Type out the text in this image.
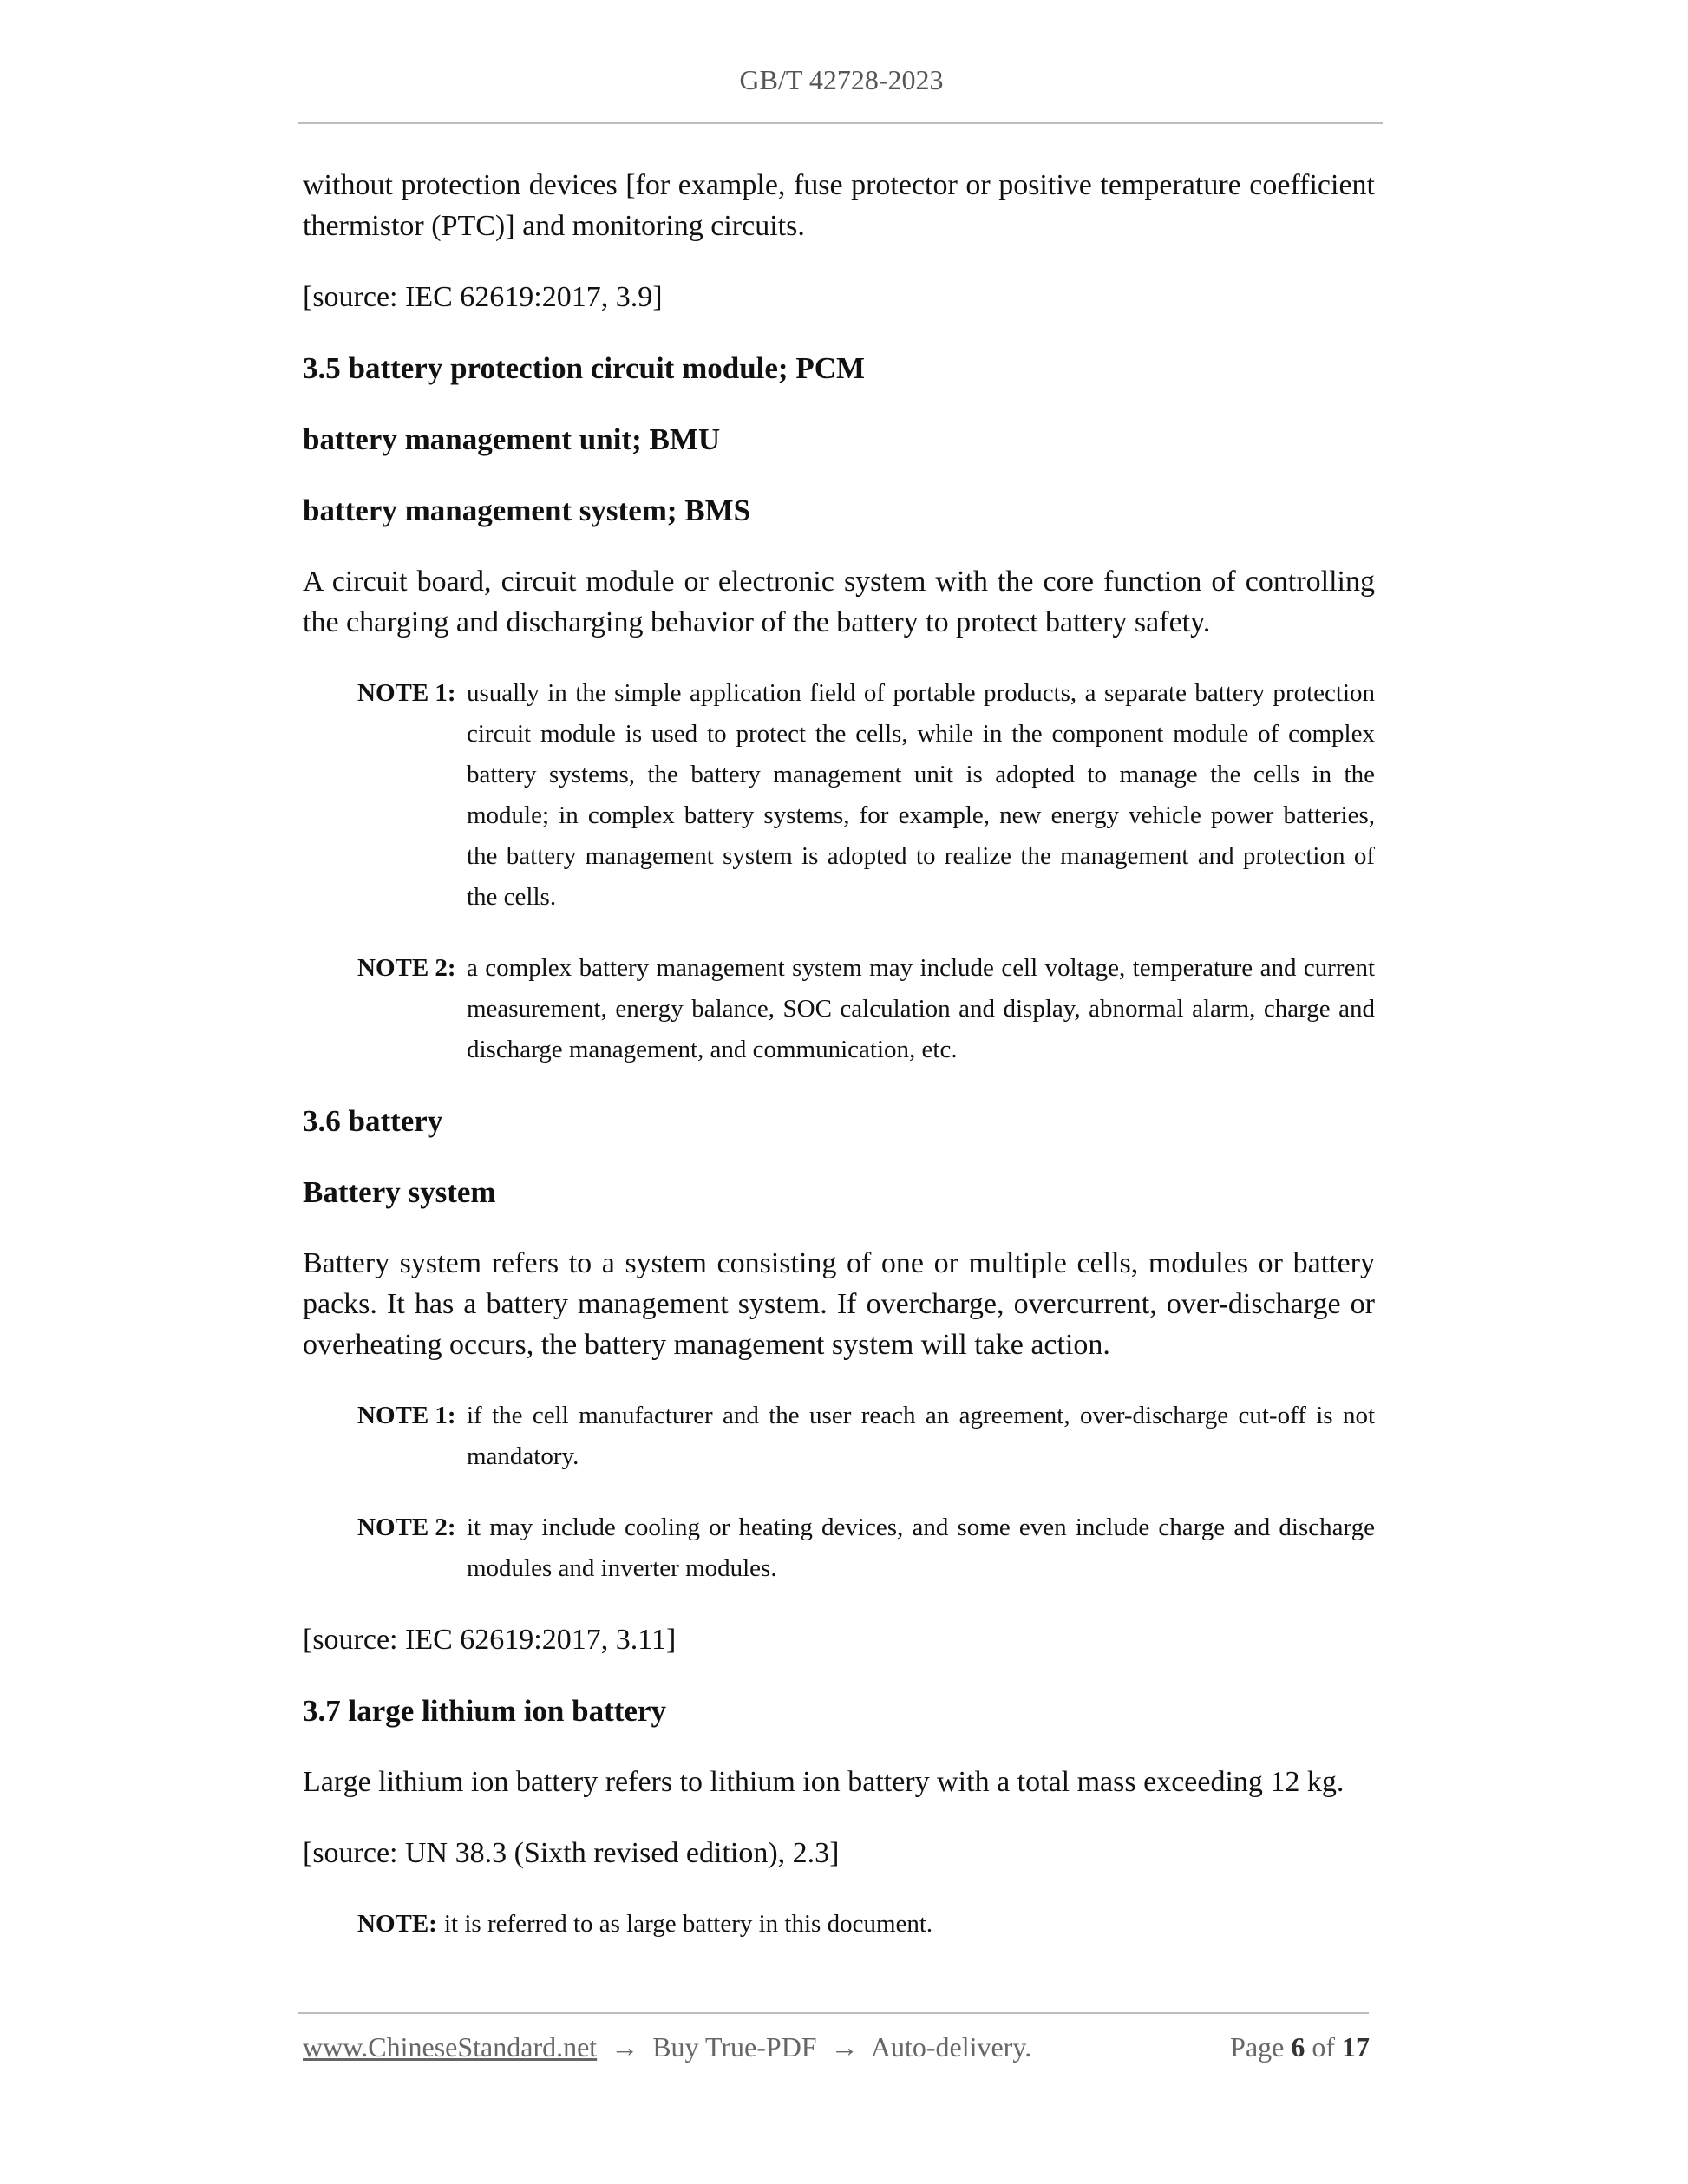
GB/T 42728-2023

without protection devices [for example, fuse protector or positive temperature coefficient thermistor (PTC)] and monitoring circuits.

[source: IEC 62619:2017, 3.9]

3.5 battery protection circuit module; PCM

battery management unit; BMU

battery management system; BMS

A circuit board, circuit module or electronic system with the core function of controlling the charging and discharging behavior of the battery to protect battery safety.

NOTE 1: usually in the simple application field of portable products, a separate battery protection circuit module is used to protect the cells, while in the component module of complex battery systems, the battery management unit is adopted to manage the cells in the module; in complex battery systems, for example, new energy vehicle power batteries, the battery management system is adopted to realize the management and protection of the cells.
NOTE 2: a complex battery management system may include cell voltage, temperature and current measurement, energy balance, SOC calculation and display, abnormal alarm, charge and discharge management, and communication, etc.

3.6 battery

Battery system

Battery system refers to a system consisting of one or multiple cells, modules or battery packs. It has a battery management system. If overcharge, overcurrent, over-discharge or overheating occurs, the battery management system will take action.

NOTE 1: if the cell manufacturer and the user reach an agreement, over-discharge cut-off is not mandatory.
NOTE 2: it may include cooling or heating devices, and some even include charge and discharge modules and inverter modules.

[source: IEC 62619:2017, 3.11]

3.7 large lithium ion battery

Large lithium ion battery refers to lithium ion battery with a total mass exceeding 12 kg.

[source: UN 38.3 (Sixth revised edition), 2.3]

NOTE: it is referred to as large battery in this document.
www.ChineseStandard.net → Buy True-PDF → Auto-delivery.	Page 6 of 17
